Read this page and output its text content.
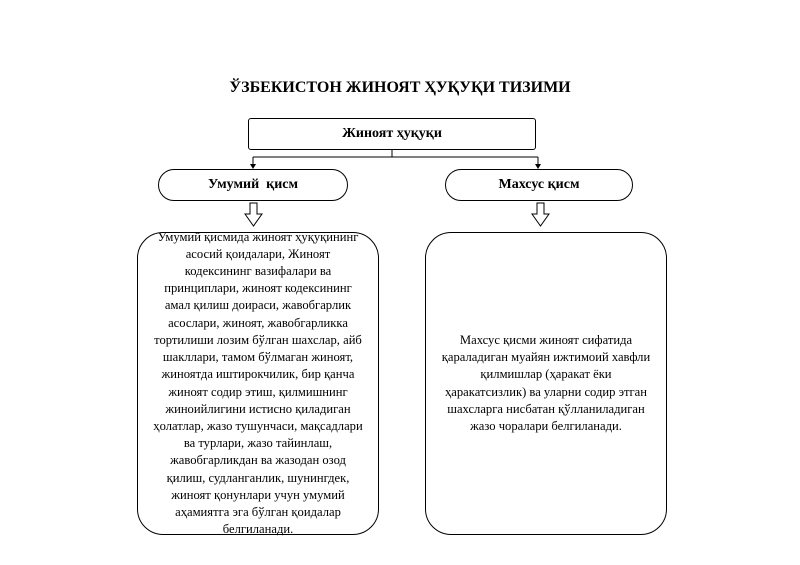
ЎЗБЕКИСТОН ЖИНОЯТ ҲУҚУҚИ ТИЗИМИ
Жиноят ҳуқуқи
Умумий  қисм	Махсус қисм
Умумий қисмида жиноят ҳуқуқининг асосий қоидалари, Жиноят кодексининг вазифалари ва принциплари, жиноят кодексининг амал қилиш доираси, жавобгарлик асослари, жиноят, жавобгарликка тортилиши лозим бўлган шахслар, айб шакллари, тамом бўлмаган жиноят, жиноятда иштирокчилик, бир қанча жиноят содир этиш, қилмишнинг жиноийлигини истисно қиладиган ҳолатлар, жазо тушунчаси, мақсадлари ва турлари, жазо тайинлаш, жавобгарликдан ва жазодан озод қилиш, судланганлик, шунингдек, жиноят қонунлари учун умумий аҳамиятга эга бўлган қоидалар белгиланади.
Махсус қисми жиноят сифатида қараладиган муайян ижтимоий хавфли қилмишлар (ҳаракат ёки ҳаракатсизлик) ва уларни содир этган шахсларга нисбатан қўлланиладиган жазо чоралари белгиланади.
